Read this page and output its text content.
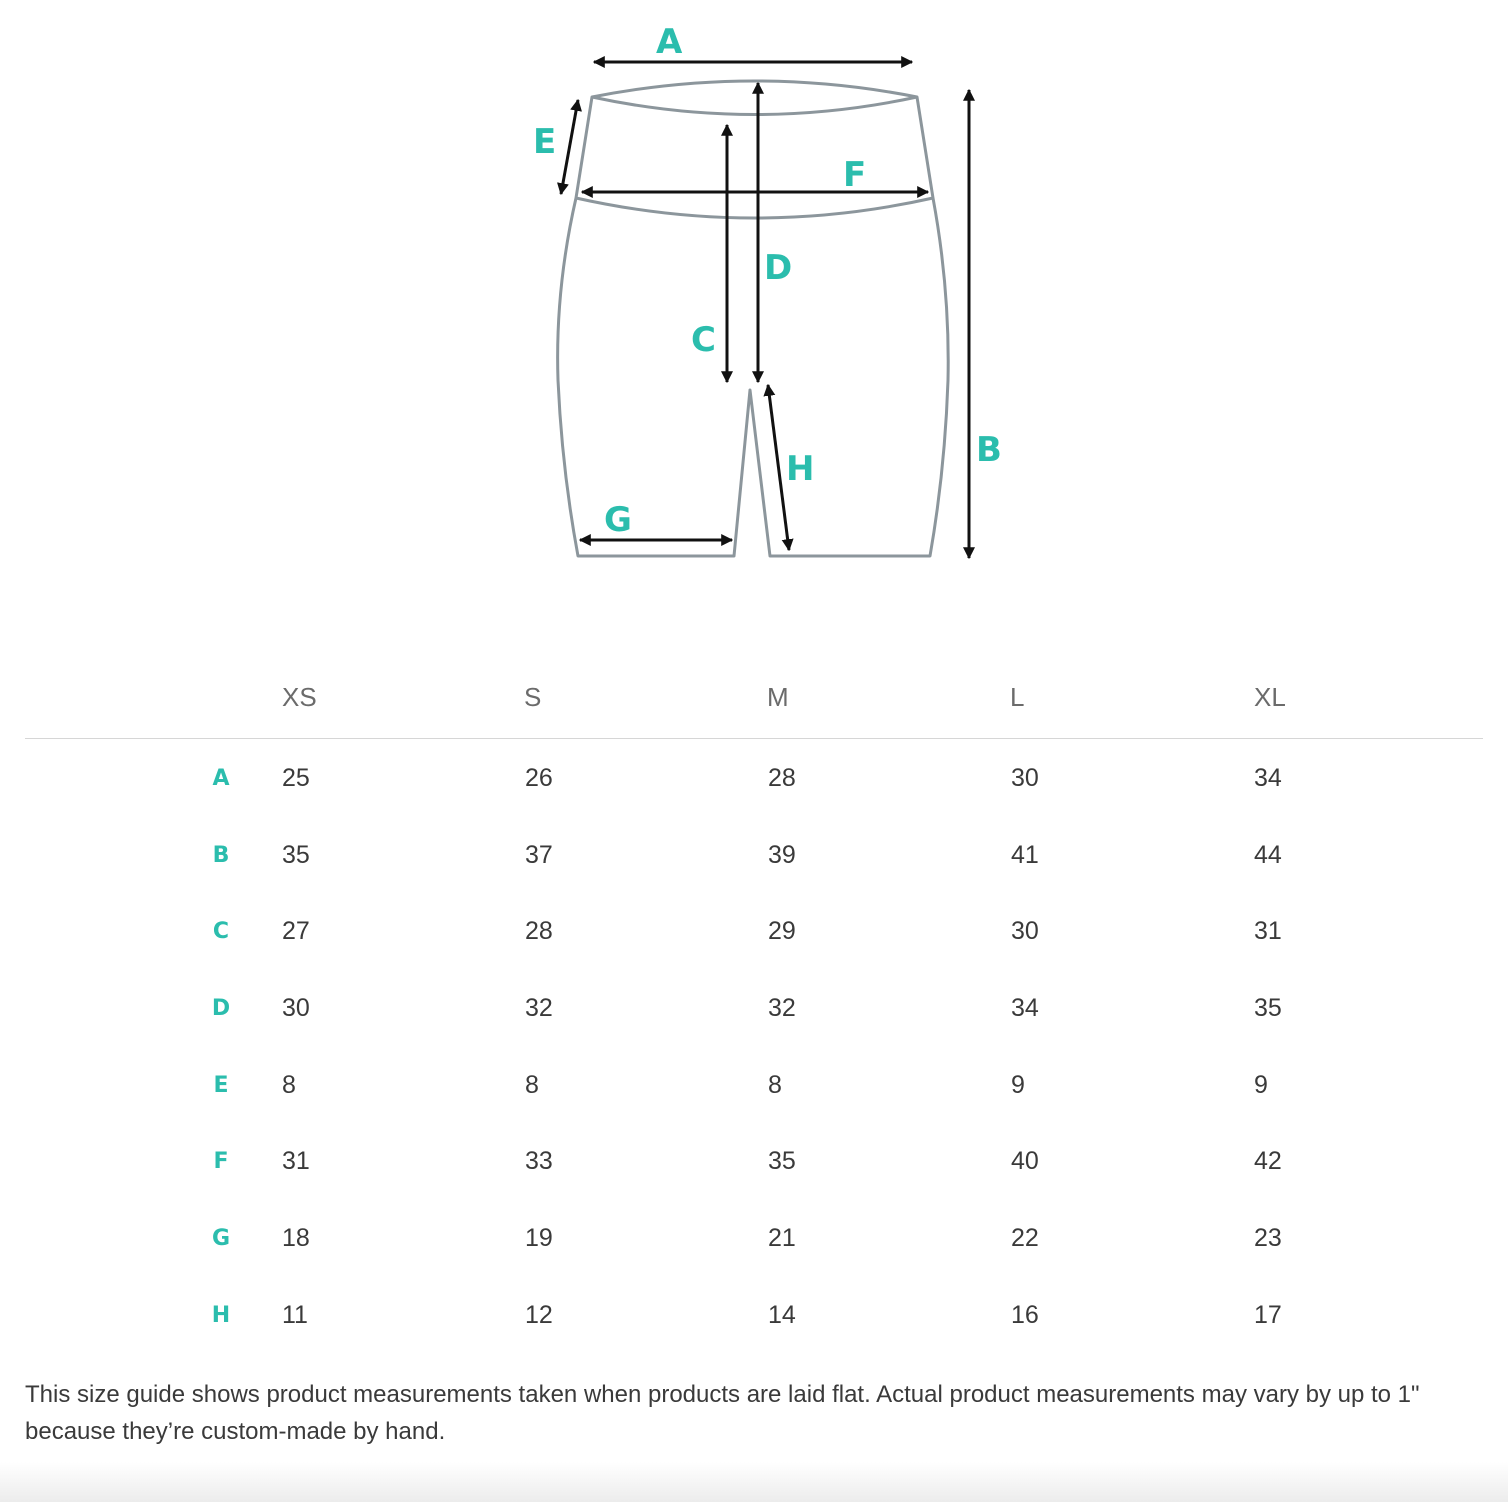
A
B
C
D
E
F
G
H
XS	S	M	L	XL
A 25	26	28	30	34
B 35	37	39	41	44
C 27	28	29	30	31
D 30	32	32	34	35
E 8	8	8	9	9
F 31	33	35	40	42
G 18	19	21	22	23
H 11	12	14	16	17
This size guide shows product measurements taken when products are laid flat. Actual product measurements may vary by up to 1" because they’re custom-made by hand.
